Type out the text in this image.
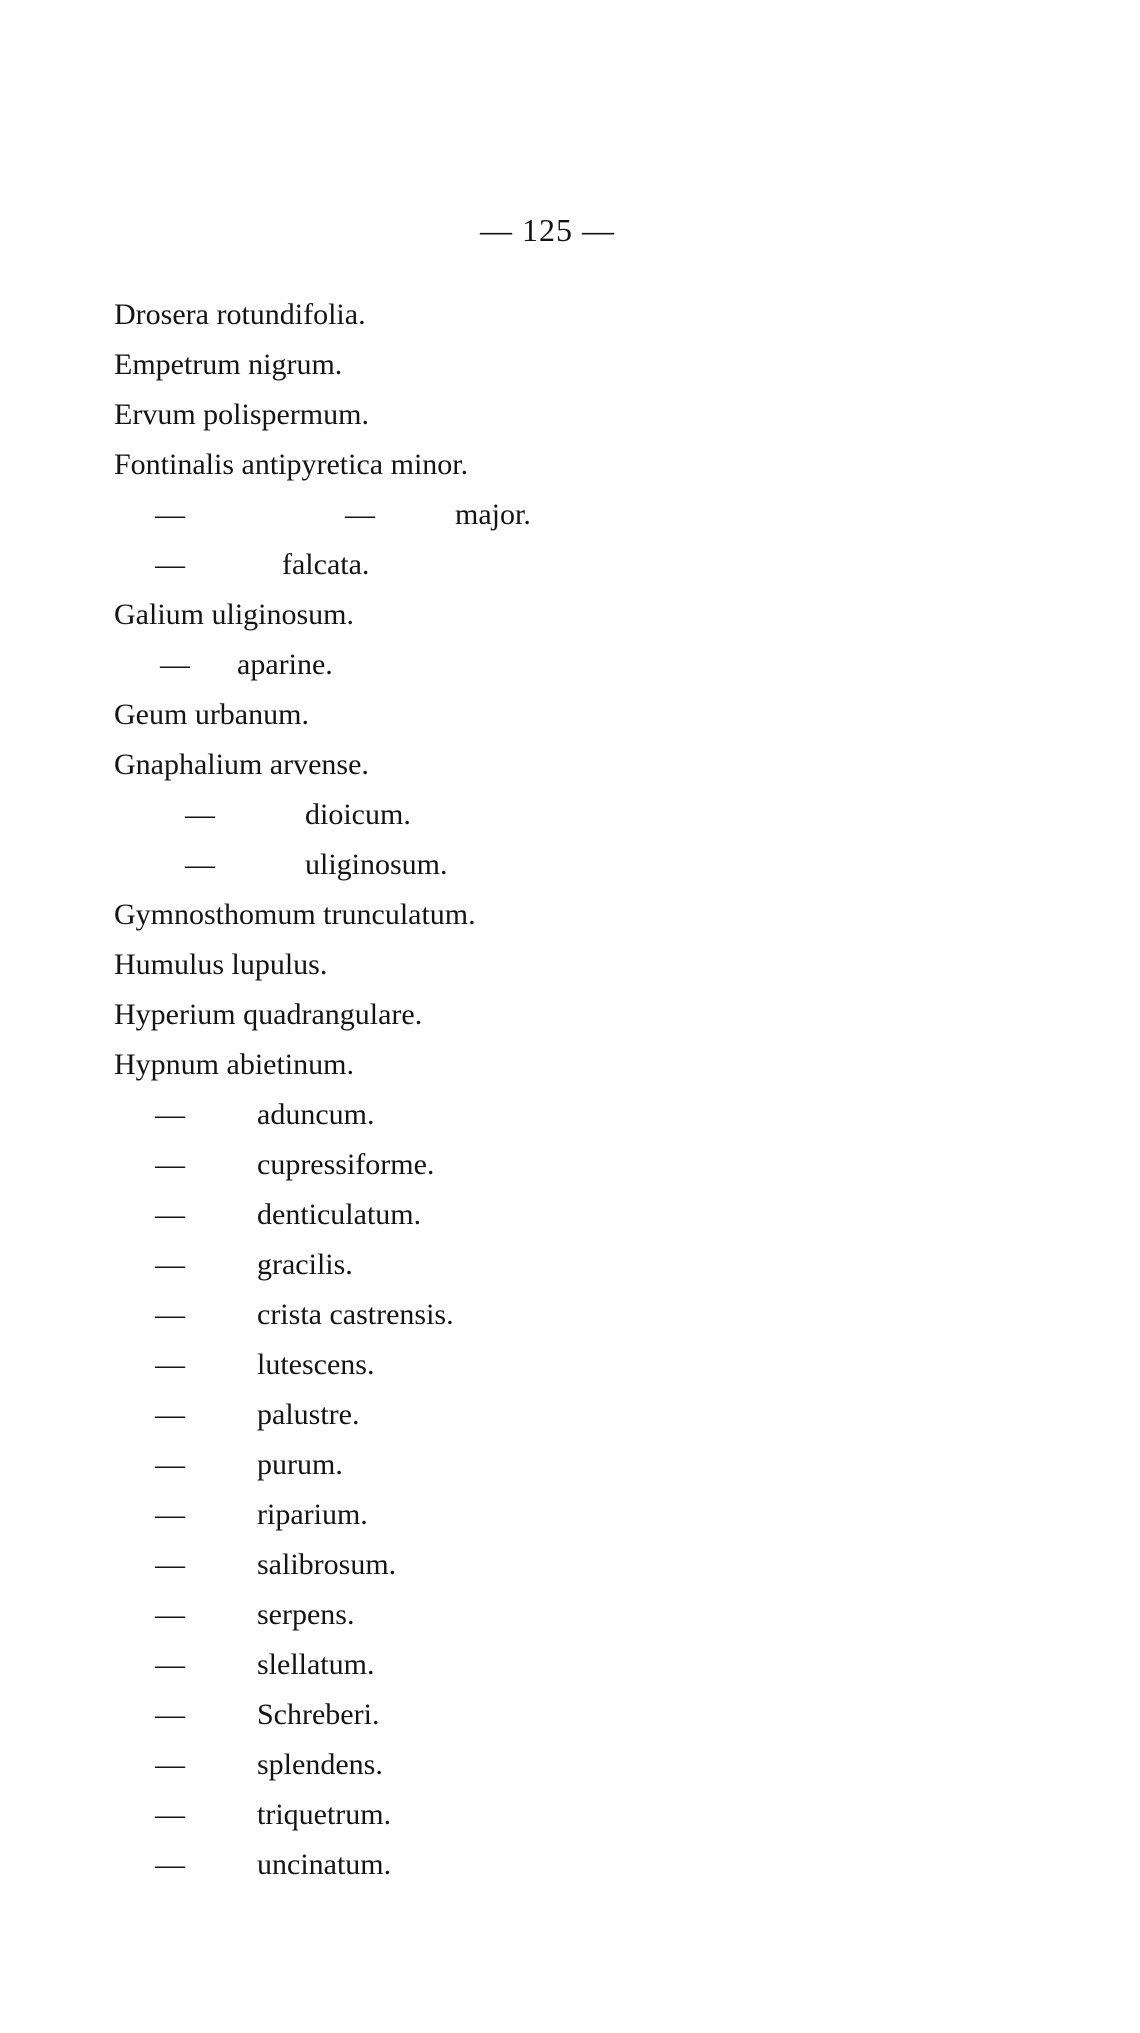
— 125 —
Drosera rotundifolia.
Empetrum nigrum.
Ervum polispermum.
Fontinalis antipyretica minor.
—	—	major.
—	falcata.
Galium uliginosum.
— aparine.
Geum urbanum.
Gnaphalium arvense.
—	dioicum.
—	uliginosum.
Gymnosthomum trunculatum.
Humulus lupulus.
Hyperium quadrangulare.
Hypnum abietinum.
— aduncum.
— cupressiforme.
— denticulatum.
— gracilis.
— crista castrensis.
— lutescens.
— palustre.
— purum.
— riparium.
— salibrosum.
— serpens.
— slellatum.
— Schreberi.
— splendens.
— triquetrum.
— uncinatum.
